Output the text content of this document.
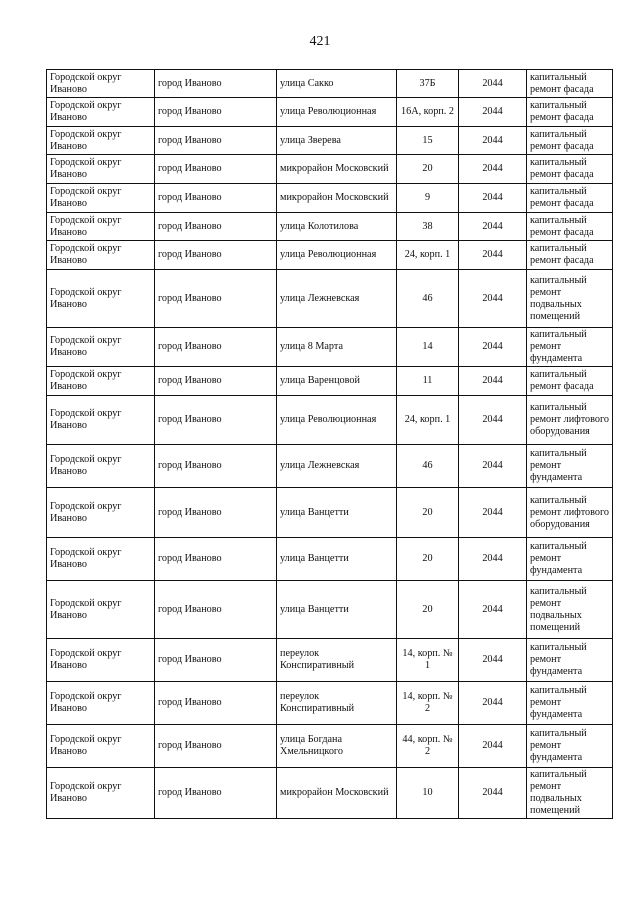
421
Городской округ Иваново	город Иваново	улица Сакко	37Б	2044	капитальный ремонт фасада
Городской округ Иваново	город Иваново	улица Революционная	16А, корп. 2	2044	капитальный ремонт фасада
Городской округ Иваново	город Иваново	улица Зверева	15	2044	капитальный ремонт фасада
Городской округ Иваново	город Иваново	микрорайон Московский	20	2044	капитальный ремонт фасада
Городской округ Иваново	город Иваново	микрорайон Московский	9	2044	капитальный ремонт фасада
Городской округ Иваново	город Иваново	улица Колотилова	38	2044	капитальный ремонт фасада
Городской округ Иваново	город Иваново	улица Революционная	24, корп. 1	2044	капитальный ремонт фасада
Городской округ Иваново	город Иваново	улица Лежневская	46	2044	капитальный ремонт подвальных помещений
Городской округ Иваново	город Иваново	улица 8 Марта	14	2044	капитальный ремонт фундамента
Городской округ Иваново	город Иваново	улица Варенцовой	11	2044	капитальный ремонт фасада
Городской округ Иваново	город Иваново	улица Революционная	24, корп. 1	2044	капитальный ремонт лифтового оборудования
Городской округ Иваново	город Иваново	улица Лежневская	46	2044	капитальный ремонт фундамента
Городской округ Иваново	город Иваново	улица Ванцетти	20	2044	капитальный ремонт лифтового оборудования
Городской округ Иваново	город Иваново	улица Ванцетти	20	2044	капитальный ремонт фундамента
Городской округ Иваново	город Иваново	улица Ванцетти	20	2044	капитальный ремонт подвальных помещений
Городской округ Иваново	город Иваново	переулок Конспиративный	14, корп. № 1	2044	капитальный ремонт фундамента
Городской округ Иваново	город Иваново	переулок Конспиративный	14, корп. № 2	2044	капитальный ремонт фундамента
Городской округ Иваново	город Иваново	улица Богдана Хмельницкого	44, корп. № 2	2044	капитальный ремонт фундамента
Городской округ Иваново	город Иваново	микрорайон Московский	10	2044	капитальный ремонт подвальных помещений
